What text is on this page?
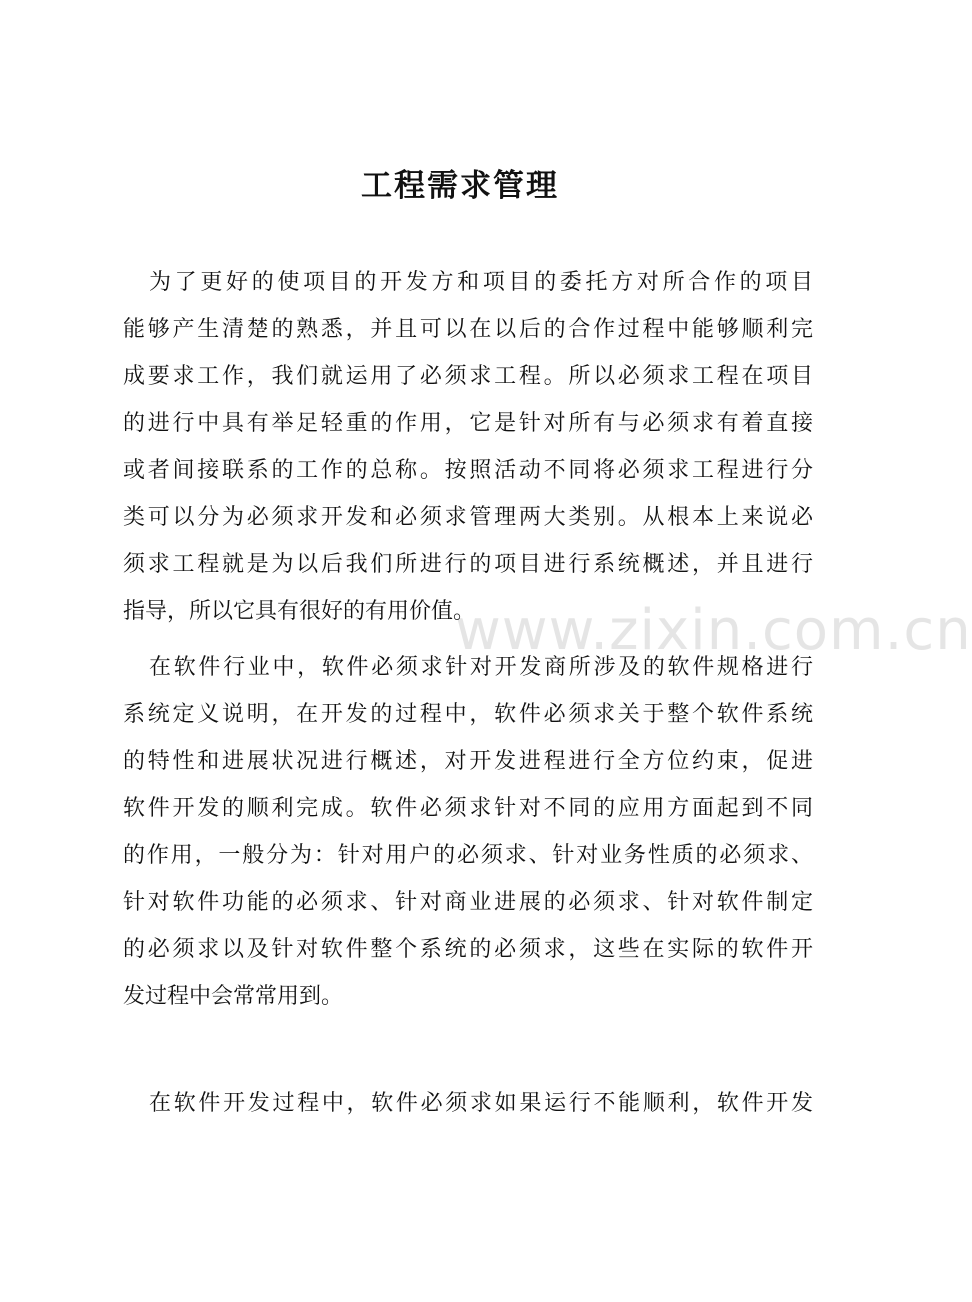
工程需求管理
www.zixin.com.cn
为了更好的使项目的开发方和项目的委托方对所合作的项目
能够产生清楚的熟悉，并且可以在以后的合作过程中能够顺利完
成要求工作，我们就运用了必须求工程。所以必须求工程在项目
的进行中具有举足轻重的作用，它是针对所有与必须求有着直接
或者间接联系的工作的总称。按照活动不同将必须求工程进行分
类可以分为必须求开发和必须求管理两大类别。从根本上来说必
须求工程就是为以后我们所进行的项目进行系统概述，并且进行
指导，所以它具有很好的有用价值。
在软件行业中，软件必须求针对开发商所涉及的软件规格进行
系统定义说明，在开发的过程中，软件必须求关于整个软件系统
的特性和进展状况进行概述，对开发进程进行全方位约束，促进
软件开发的顺利完成。软件必须求针对不同的应用方面起到不同
的作用，一般分为：针对用户的必须求、针对业务性质的必须求、
针对软件功能的必须求、针对商业进展的必须求、针对软件制定
的必须求以及针对软件整个系统的必须求，这些在实际的软件开
发过程中会常常用到。
在软件开发过程中，软件必须求如果运行不能顺利，软件开发
